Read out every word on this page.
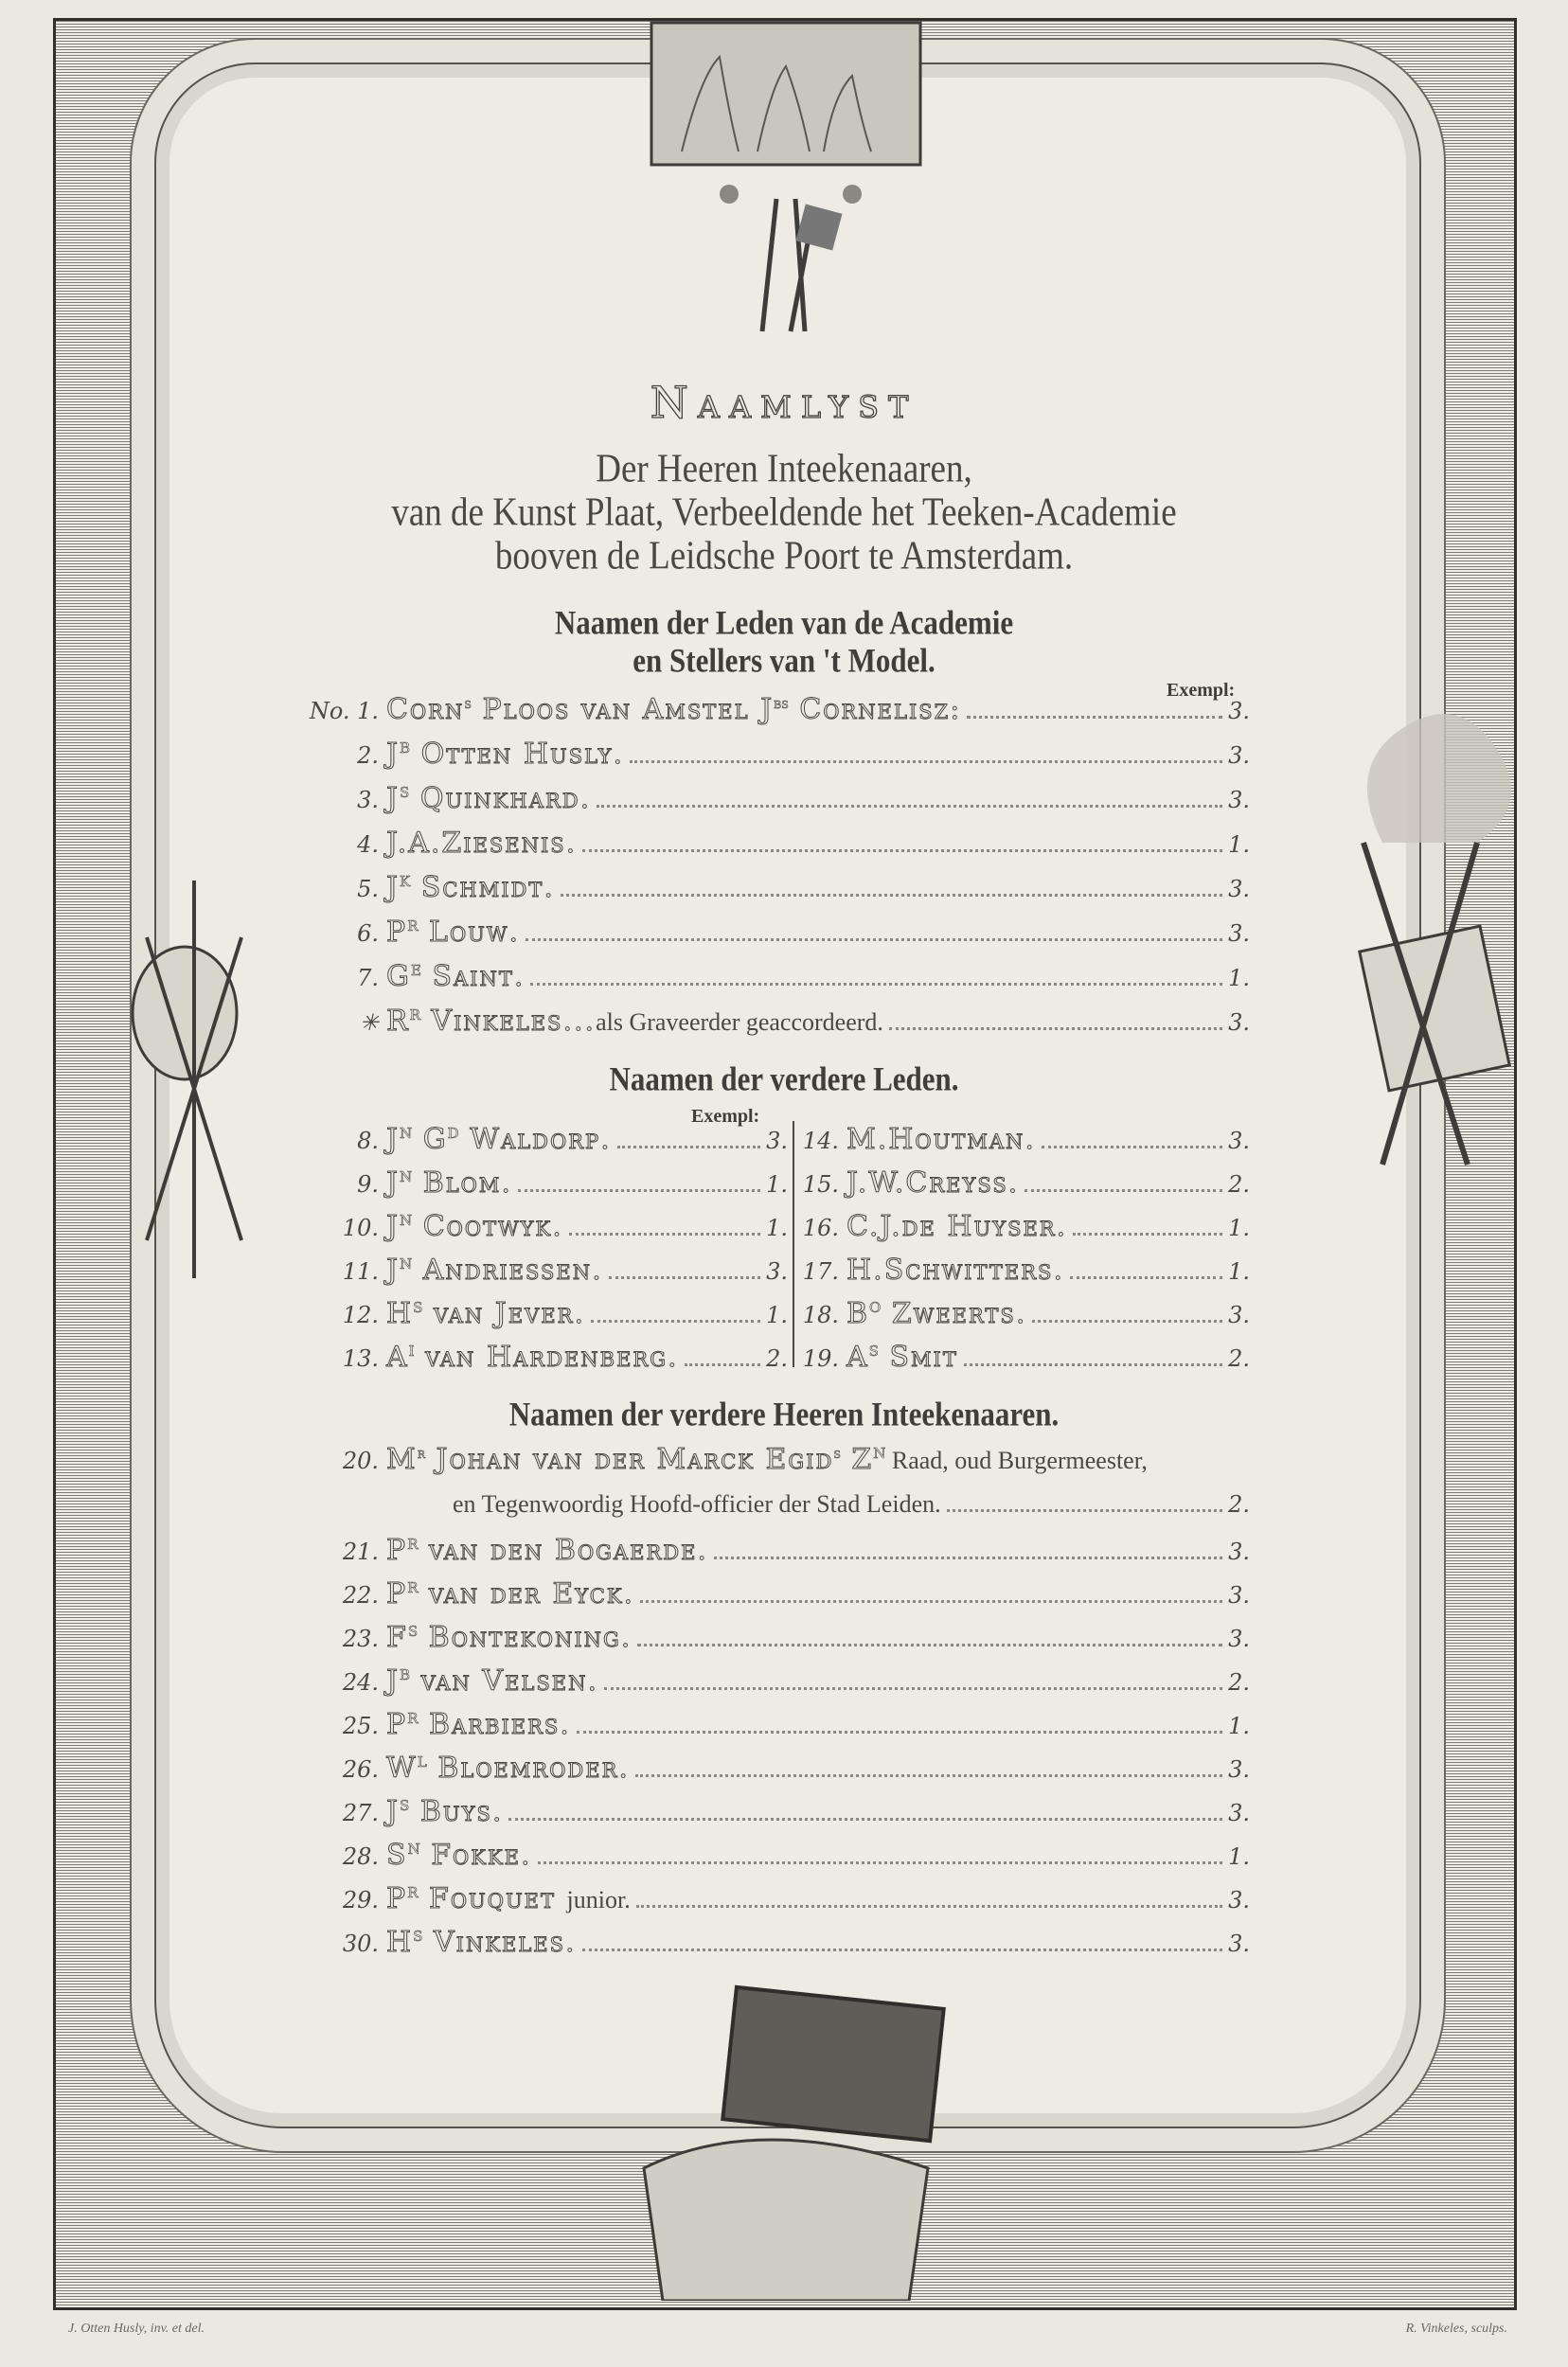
Naamlyst
Der Heeren Inteekenaaren,
van de Kunst Plaat, Verbeeldende het Teeken-Academie
booven de Leidsche Poort te Amsterdam.
Naamen der Leden van de Academie
en Stellers van 't Model.
Exempl:
No. 1. Corn$^s$ Ploos van Amstel $J^{bs}$ Cornelisz:	3.
2. $J^B$ Otten Husly.	3.
3. $J^S$ Quinkhard.	3.
4. J.A.Ziesenis.	1.
5. $J^K$ Schmidt.	3.
6. $P^R$ Louw.	3.
7. $G^E$ Saint.	1.
✳ $R^R$ Vinkeles...als Graveerder geaccordeerd.	3.
Naamen der verdere Leden.
Exempl:
8. $J^N$ $G^D$ Waldorp.	3.
9. $J^N$ Blom.	1.
10. $J^N$ Cootwyk.	1.
11. $J^N$ Andriessen.	3.
12. $H^S$ van Jever.	1.
13. $A^I$ van Hardenberg.	2.
14. M.Houtman.	3.
15. J.W.Creyss.	2.
16. C.J.de Huyser.	1.
17. H.Schwitters.	1.
18. $B^O$ Zweerts.	3.
19. $A^S$ Smit	2.
Naamen der verdere Heeren Inteekenaaren.
20. $M^r$ Johan van der Marck Egid$^s$ $Z^N$ Raad, oud Burgermeester,
en Tegenwoordig Hoofd-officier der Stad Leiden.	2.
21. $P^R$ van den Bogaerde.	3.
22. $P^R$ van der Eyck.	3.
23. $F^S$ Bontekoning.	3.
24. $J^B$ van Velsen.	2.
25. $P^R$ Barbiers.	1.
26. $W^L$ Bloemroder.	3.
27. $J^S$ Buys.	3.
28. $S^N$ Fokke.	1.
29. $P^R$ Fouquet junior.	3.
30. $H^S$ Vinkeles.	3.
J. Otten Husly, inv. et del.	R. Vinkeles, sculps.
